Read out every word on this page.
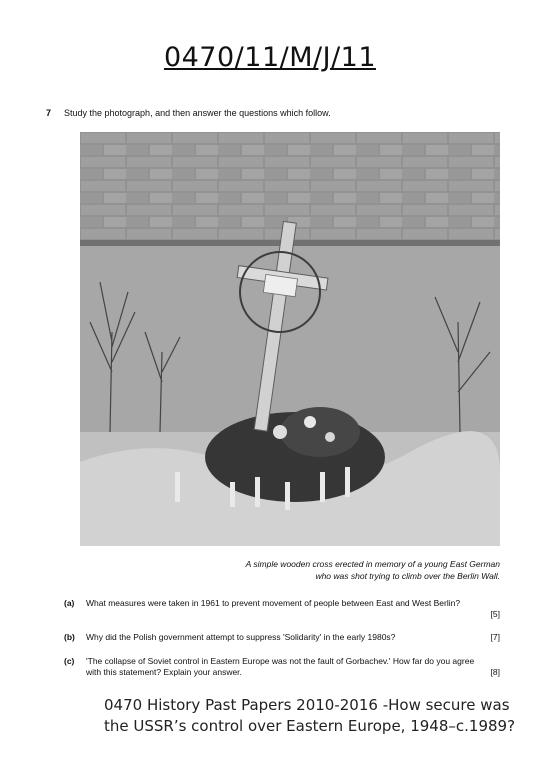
0470/11/M/J/11
7 Study the photograph, and then answer the questions which follow.
A simple wooden cross erected in memory of a young East German
who was shot trying to climb over the Berlin Wall.
(a) What measures were taken in 1961 to prevent movement of people between East and West Berlin?
[5]
(b) Why did the Polish government attempt to suppress 'Solidarity' in the early 1980s?	[7]
(c) 'The collapse of Soviet control in Eastern Europe was not the fault of Gorbachev.' How far do you agree with this statement? Explain your answer.	[8]
0470 History Past Papers 2010-2016 -How secure was the USSR’s control over Eastern Europe, 1948–c.1989?
